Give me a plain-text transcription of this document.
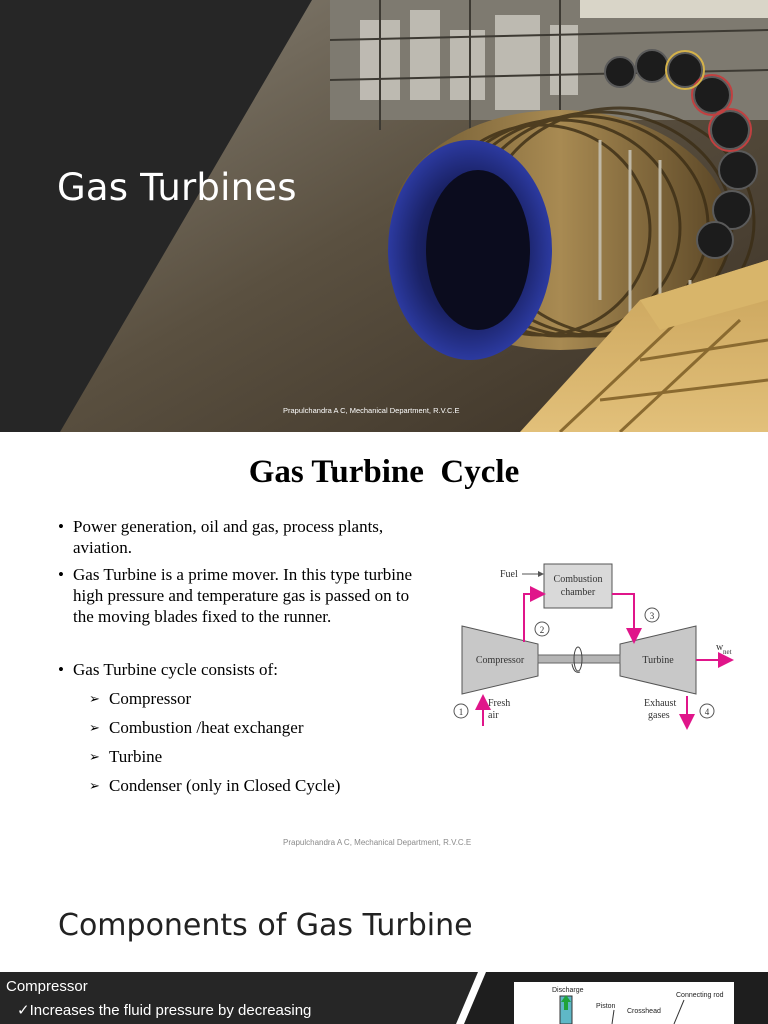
Gas Turbines
Prapulchandra A C, Mechanical Department, R.V.C.E
Gas Turbine  Cycle
• Power generation, oil and gas, process plants, aviation.
• Gas Turbine is a prime mover. In this type turbine high pressure and temperature gas is passed on to the moving blades fixed to the runner.
• Gas Turbine cycle consists of:
➢ Compressor
➢ Combustion /heat exchanger
➢ Turbine
➢ Condenser (only in Closed Cycle)
Combustion
chamber
Fuel
Compressor	Turbine
2
3
w net
1
Fresh
air
Exhaust
gases	4
Prapulchandra A C, Mechanical Department, R.V.C.E
Components of Gas Turbine
Compressor
✓Increases the fluid pressure by decreasing
Discharge
Connecting rod
Piston
Crosshead
